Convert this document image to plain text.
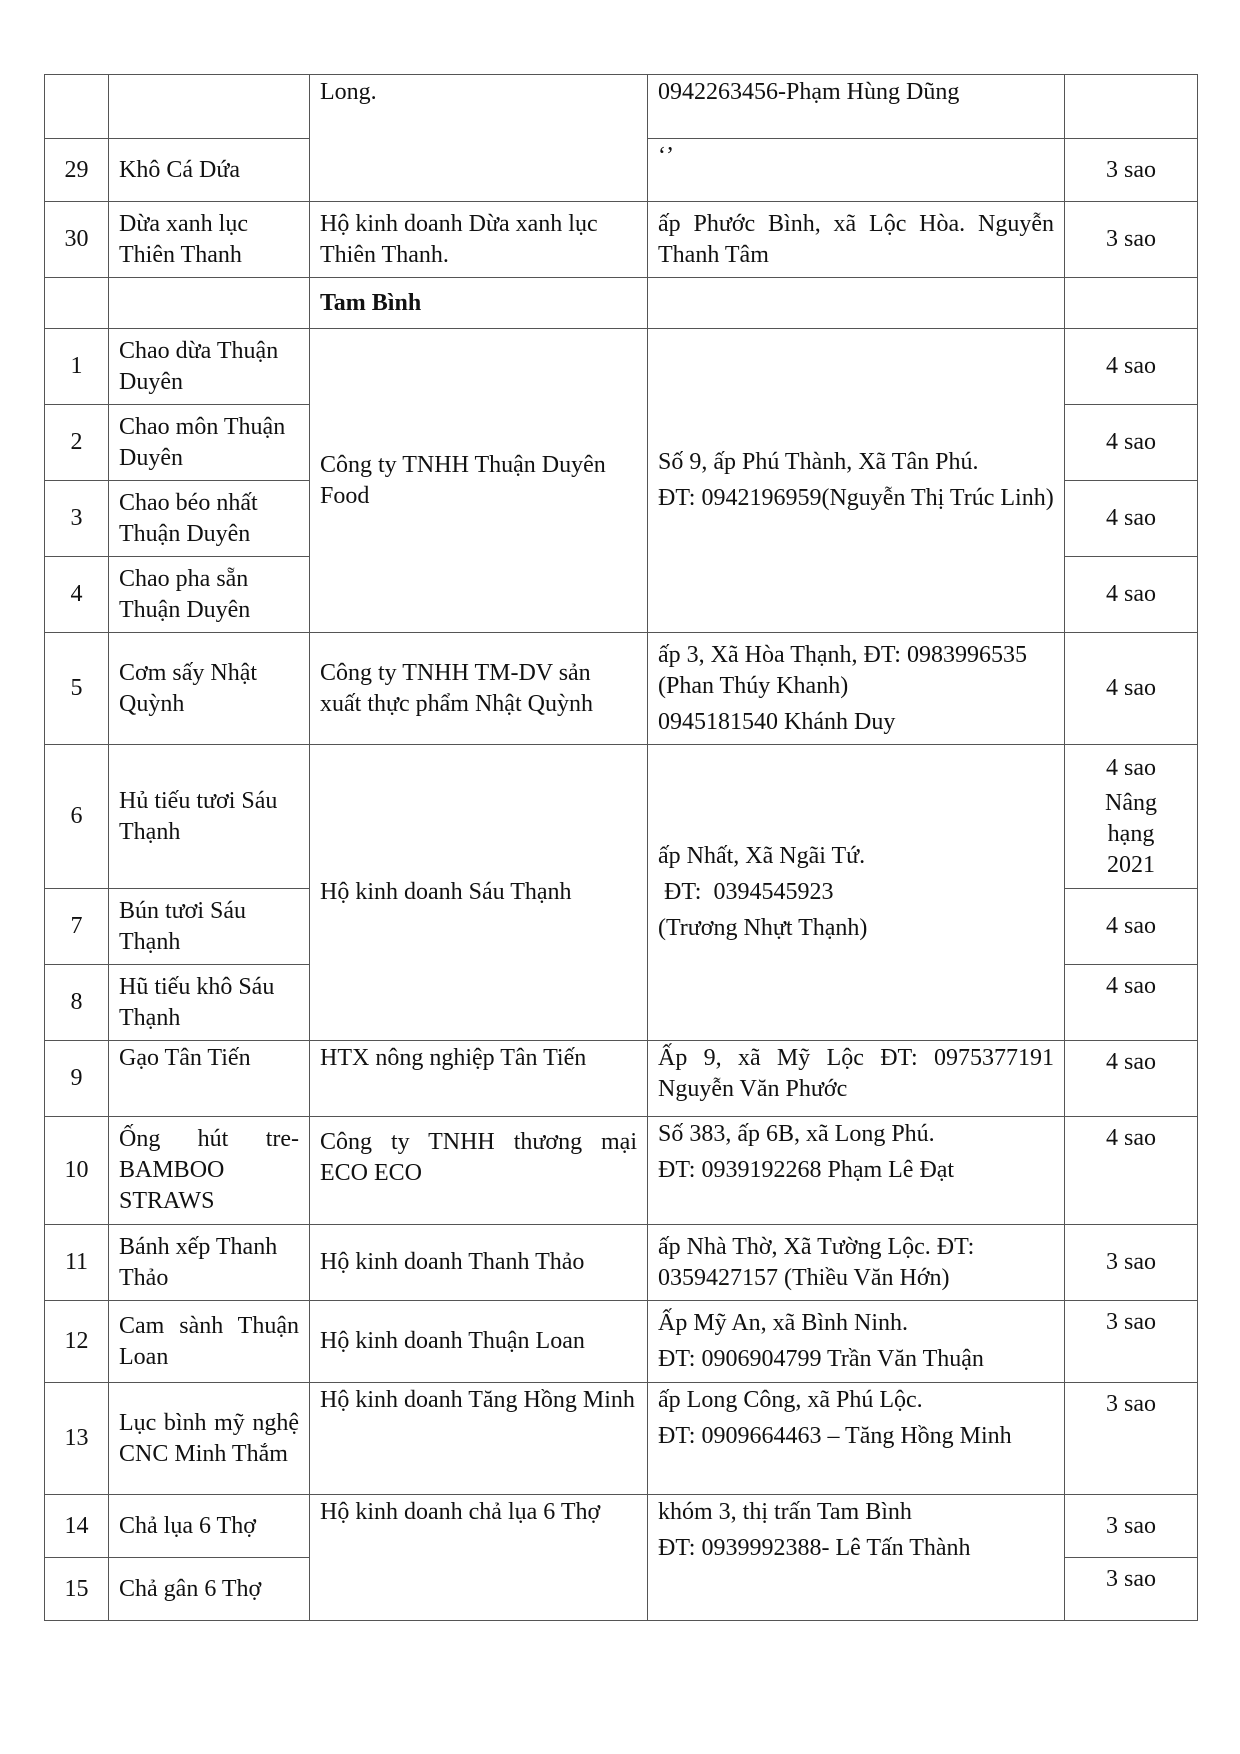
		Long.	0942263456-Phạm Hùng Dũng	

29	Khô Cá Dứa		‘’	3 sao
30	Dừa xanh lục Thiên Thanh	Hộ kinh doanh Dừa xanh lục Thiên Thanh.	ấp Phước Bình, xã Lộc Hòa. Nguyễn Thanh Tâm	3 sao
		Tam Bình		
1	Chao dừa Thuận Duyên	Công ty TNHH Thuận Duyên Food	Số 9, ấp Phú Thành, Xã Tân Phú.
ĐT: 0942196959(Nguyễn Thị Trúc Linh)	4 sao
2	Chao môn Thuận Duyên			4 sao
3	Chao béo nhất Thuận Duyên			4 sao
4	Chao pha sẵn Thuận Duyên			4 sao
5	Cơm sấy Nhật Quỳnh	Công ty TNHH TM-DV sản xuất thực phẩm Nhật Quỳnh	ấp 3, Xã Hòa Thạnh, ĐT: 0983996535 (Phan Thúy Khanh)
0945181540 Khánh Duy	4 sao
6	Hủ tiếu tươi Sáu Thạnh	Hộ kinh doanh Sáu Thạnh	ấp Nhất, Xã Ngãi Tứ.
ĐT:  0394545923
(Trương Nhựt Thạnh)	4 sao
Nâng
hạng
2021

7	Bún tươi Sáu Thạnh			4 sao
8	Hũ tiếu khô Sáu Thạnh			4 sao
9	Gạo Tân Tiến	HTX nông nghiệp Tân Tiến	Ấp 9, xã Mỹ Lộc ĐT: 0975377191 Nguyễn Văn Phước	4 sao
10	Ống hút tre-BAMBOO STRAWS	Công ty TNHH thương mại ECO ECO	Số 383, ấp 6B, xã Long Phú.
ĐT: 0939192268 Phạm Lê Đạt	4 sao
11	Bánh xếp Thanh Thảo	Hộ kinh doanh Thanh Thảo	ấp Nhà Thờ, Xã Tường Lộc. ĐT: 0359427157 (Thiều Văn Hớn)	3 sao
12	Cam sành Thuận Loan	Hộ kinh doanh Thuận Loan	Ấp Mỹ An, xã Bình Ninh.
ĐT: 0906904799 Trần Văn Thuận	3 sao
13	Lục bình mỹ nghệ CNC Minh Thắm	Hộ kinh doanh Tăng Hồng Minh	ấp Long Công, xã Phú Lộc.
ĐT: 0909664463 – Tăng Hồng Minh	3 sao
14	Chả lụa 6 Thợ	Hộ kinh doanh chả lụa 6 Thợ	khóm 3, thị trấn Tam Bình
ĐT: 0939992388- Lê Tấn Thành	3 sao
15	Chả gân 6 Thợ			3 sao
